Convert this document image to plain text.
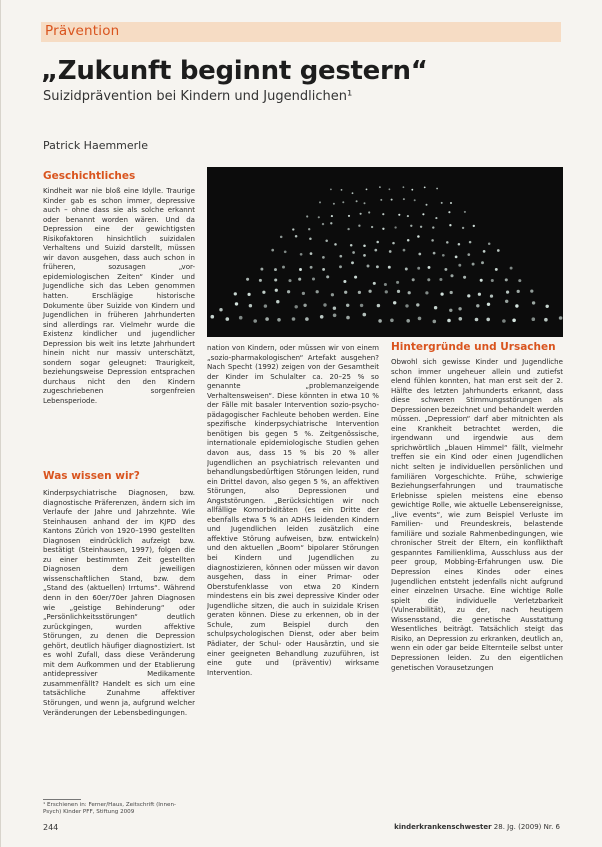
Prävention
„Zukunft beginnt gestern“
Suizidprävention bei Kindern und Jugendlichen¹
Patrick Haemmerle
Geschichtliches

Kindheit war nie bloß eine Idylle. Traurige Kinder gab es schon immer, depressive auch – ohne dass sie als solche erkannt oder benannt worden wären. Und da Depression eine der gewichtigsten Risikofaktoren hinsichtlich suizidalen Verhaltens und Suizid darstellt, müssen wir davon ausgehen, dass auch schon in früheren, sozusagen „vor-epidemiologischen Zeiten“ Kinder und Jugendliche sich das Leben genommen hatten. Erschlägige historische Dokumente über Suizide von Kindern und Jugendlichen in früheren Jahrhunderten sind allerdings rar. Vielmehr wurde die Existenz kindlicher und jugendlicher Depression bis weit ins letzte Jahrhundert hinein nicht nur massiv unterschätzt, sondern sogar geleugnet: Traurigkeit, beziehungsweise Depression entsprachen durchaus nicht den den Kindern zugeschriebenen sorgenfreien Lebensperiode.

Was wissen wir?

Kinderpsychiatrische Diagnosen, bzw. diagnostische Präferenzen, ändern sich im Verlaufe der Jahre und Jahrzehnte. Wie Steinhausen anhand der im KJPD des Kantons Zürich von 1920–1990 gestellten Diagnosen eindrücklich aufzeigt bzw. bestätigt (Steinhausen, 1997), folgen die zu einer bestimmten Zeit gestellten Diagnosen dem jeweiligen wissenschaftlichen Stand, bzw. dem „Stand des (aktuellen) Irrtums“. Während denn in den 60er/70er Jahren Diagnosen wie „geistige Behinderung“ oder „Persönlichkeitsstörungen“ deutlich zurückgingen, wurden affektive Störungen, zu denen die Depression gehört, deutlich häufiger diagnostiziert. Ist es wohl Zufall, dass diese Veränderung mit dem Aufkommen und der Etablierung antidepressiver Medikamente zusammenfällt? Handelt es sich um eine tatsächliche Zunahme affektiver Störungen, und wenn ja, aufgrund welcher Veränderungen der Lebensbedingungen.

nation von Kindern, oder müssen wir von einem „sozio-pharmakologischen“ Artefakt ausgehen? Nach Specht (1992) zeigen von der Gesamtheit der Kinder im Schulalter ca. 20–25 % so genannte „problemanzeigende Verhaltensweisen“. Diese könnten in etwa 10 % der Fälle mit basaler Intervention sozio-psycho-pädagogischer Fachleute behoben werden. Eine spezifische kinderpsychiatrische Intervention benötigen bis gegen 5 %. Zeitgenössische, internationale epidemiologische Studien gehen davon aus, dass 15 % bis 20 % aller Jugendlichen an psychiatrisch relevanten und behandlungsbedürftigen Störungen leiden, rund ein Drittel davon, also gegen 5 %, an affektiven Störungen, also Depressionen und Angststörungen. „Berücksichtigen wir noch allfällige Komorbiditäten (es ein Dritte der ebenfalls etwa 5 % an ADHS leidenden Kindern und Jugendlichen leiden zusätzlich eine affektive Störung aufweisen, bzw. entwickeln) und den aktuellen „Boom“ bipolarer Störungen bei Kindern und Jugendlichen zu diagnostizieren, können oder müssen wir davon ausgehen, dass in einer Primar- oder Oberstufenklasse von etwa 20 Kindern mindestens ein bis zwei depressive Kinder oder Jugendliche sitzen, die auch in suizidale Krisen geraten können. Diese zu erkennen, ob in der Schule, zum Beispiel durch den schulpsychologischen Dienst, oder aber beim Pädiater, der Schul- oder Hausärztin, und sie einer geeigneten Behandlung zuzuführen, ist eine gute und (präventiv) wirksame Intervention.

Hintergründe und Ursachen

Obwohl sich gewisse Kinder und Jugendliche schon immer ungeheuer allein und zutiefst elend fühlen konnten, hat man erst seit der 2. Hälfte des letzten Jahrhunderts erkannt, dass diese schweren Stimmungsstörungen als Depressionen bezeichnet und behandelt werden müssen. „Depression“ darf aber mitnichten als eine Krankheit betrachtet werden, die irgendwann und irgendwie aus dem sprichwörtlich „blauen Himmel“ fällt, vielmehr treffen sie ein Kind oder einen Jugendlichen nicht selten je individuellen persönlichen und familiären Vorgeschichte. Frühe, schwierige Beziehungserfahrungen und traumatische Erlebnisse spielen meistens eine ebenso gewichtige Rolle, wie aktuelle Lebensereignisse, „live events“, wie zum Beispiel Verluste im Familien- und Freundeskreis, belastende familiäre und soziale Rahmenbedingungen, wie chronischer Streit der Eltern, ein konflikthaft gespanntes Familienklima, Ausschluss aus der peer group, Mobbing-Erfahrungen usw. Die Depression eines Kindes oder eines Jugendlichen entsteht jedenfalls nicht aufgrund einer einzelnen Ursache. Eine wichtige Rolle spielt die individuelle Verletzbarkeit (Vulnerabilität), zu der, nach heutigem Wissensstand, die genetische Ausstattung Wesentliches beiträgt. Tatsächlich steigt das Risiko, an Depression zu erkranken, deutlich an, wenn ein oder gar beide Elternteile selbst unter Depressionen leiden. Zu den eigentlichen genetischen Vorausetzungen

¹ Erschienen in: Ferner/Haus, Zeitschrift (Innen-Psych) Kinder PFF, Stiftung 2009
244	kinderkrankenschwester 28. Jg. (2009) Nr. 6
